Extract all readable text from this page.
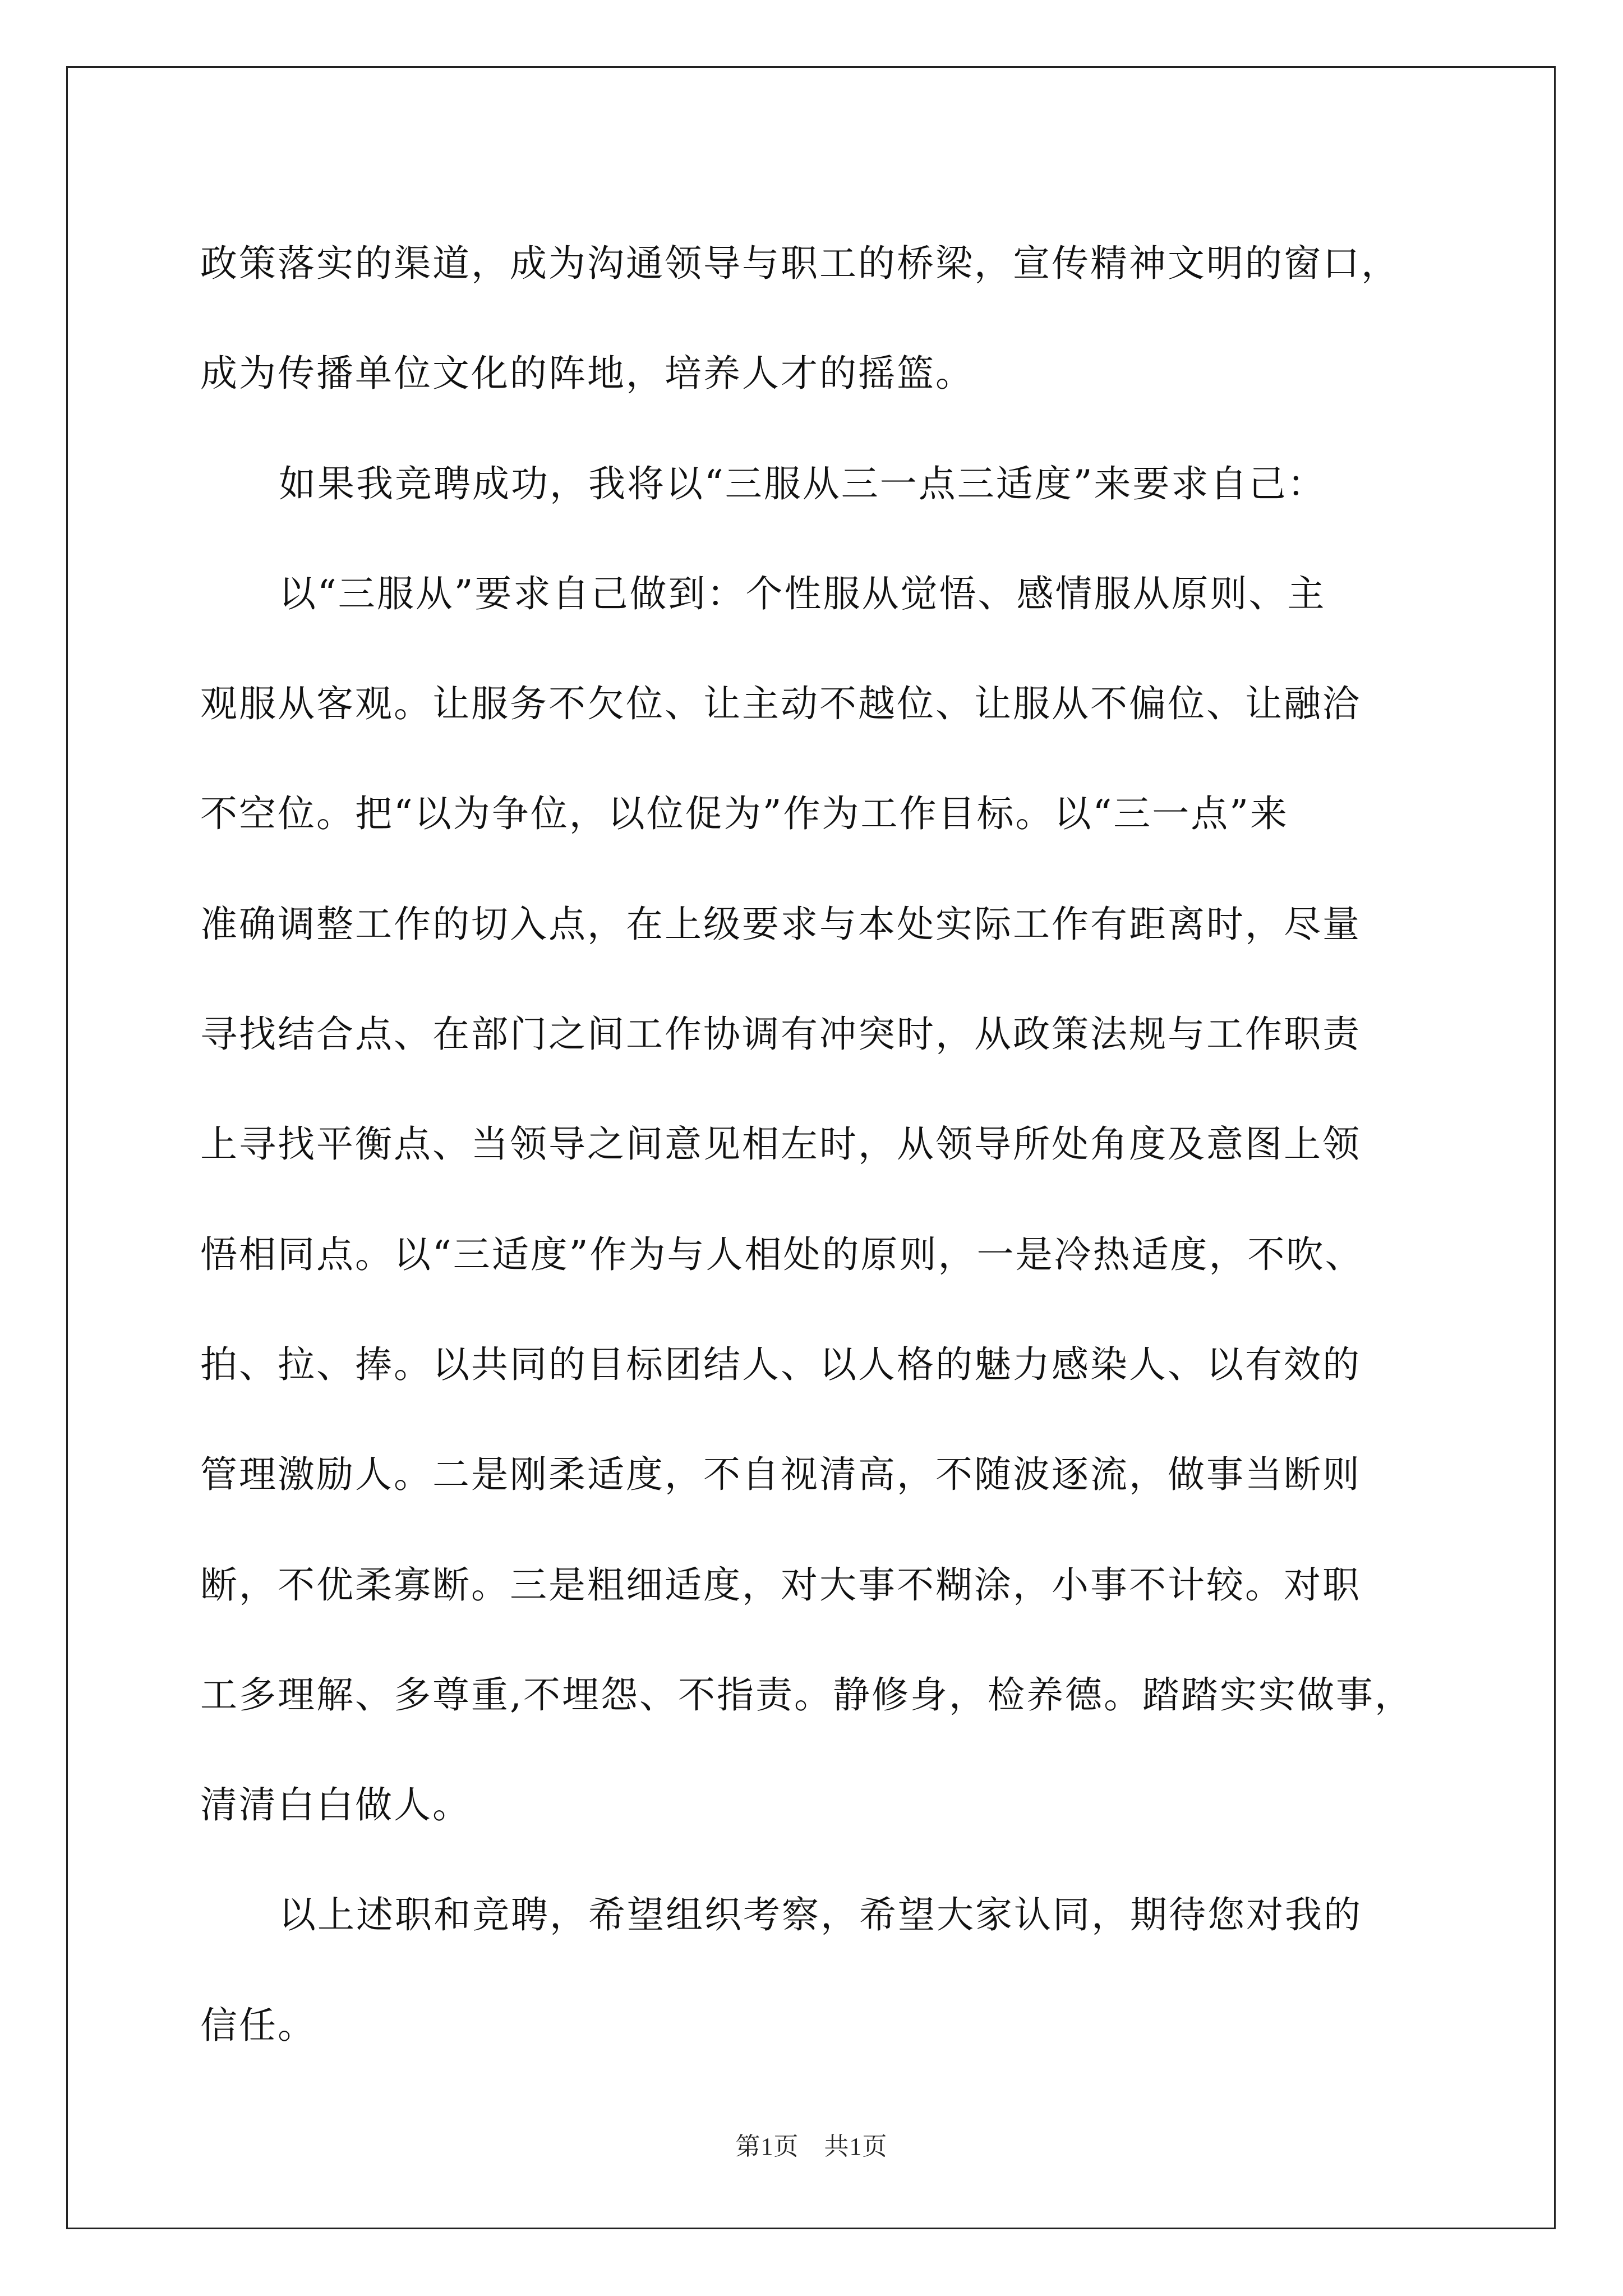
政策落实的渠道，成为沟通领导与职工的桥梁，宣传精神文明的窗口，
成为传播单位文化的阵地，培养人才的摇篮。
如果我竞聘成功，我将以“三服从三一点三适度”来要求自己：
以“三服从”要求自己做到：个性服从觉悟、感情服从原则、主
观服从客观。让服务不欠位、让主动不越位、让服从不偏位、让融洽
不空位。把“以为争位，以位促为”作为工作目标。以“三一点”来
准确调整工作的切入点，在上级要求与本处实际工作有距离时，尽量
寻找结合点、在部门之间工作协调有冲突时，从政策法规与工作职责
上寻找平衡点、当领导之间意见相左时，从领导所处角度及意图上领
悟相同点。以“三适度”作为与人相处的原则，一是冷热适度，不吹、
拍、拉、捧。以共同的目标团结人、以人格的魅力感染人、以有效的
管理激励人。二是刚柔适度，不自视清高，不随波逐流，做事当断则
断，不优柔寡断。三是粗细适度，对大事不糊涂，小事不计较。对职
工多理解、多尊重,不埋怨、不指责。静修身，检养德。踏踏实实做事，
清清白白做人。
以上述职和竞聘，希望组织考察，希望大家认同，期待您对我的
信任。
第1页　共1页
